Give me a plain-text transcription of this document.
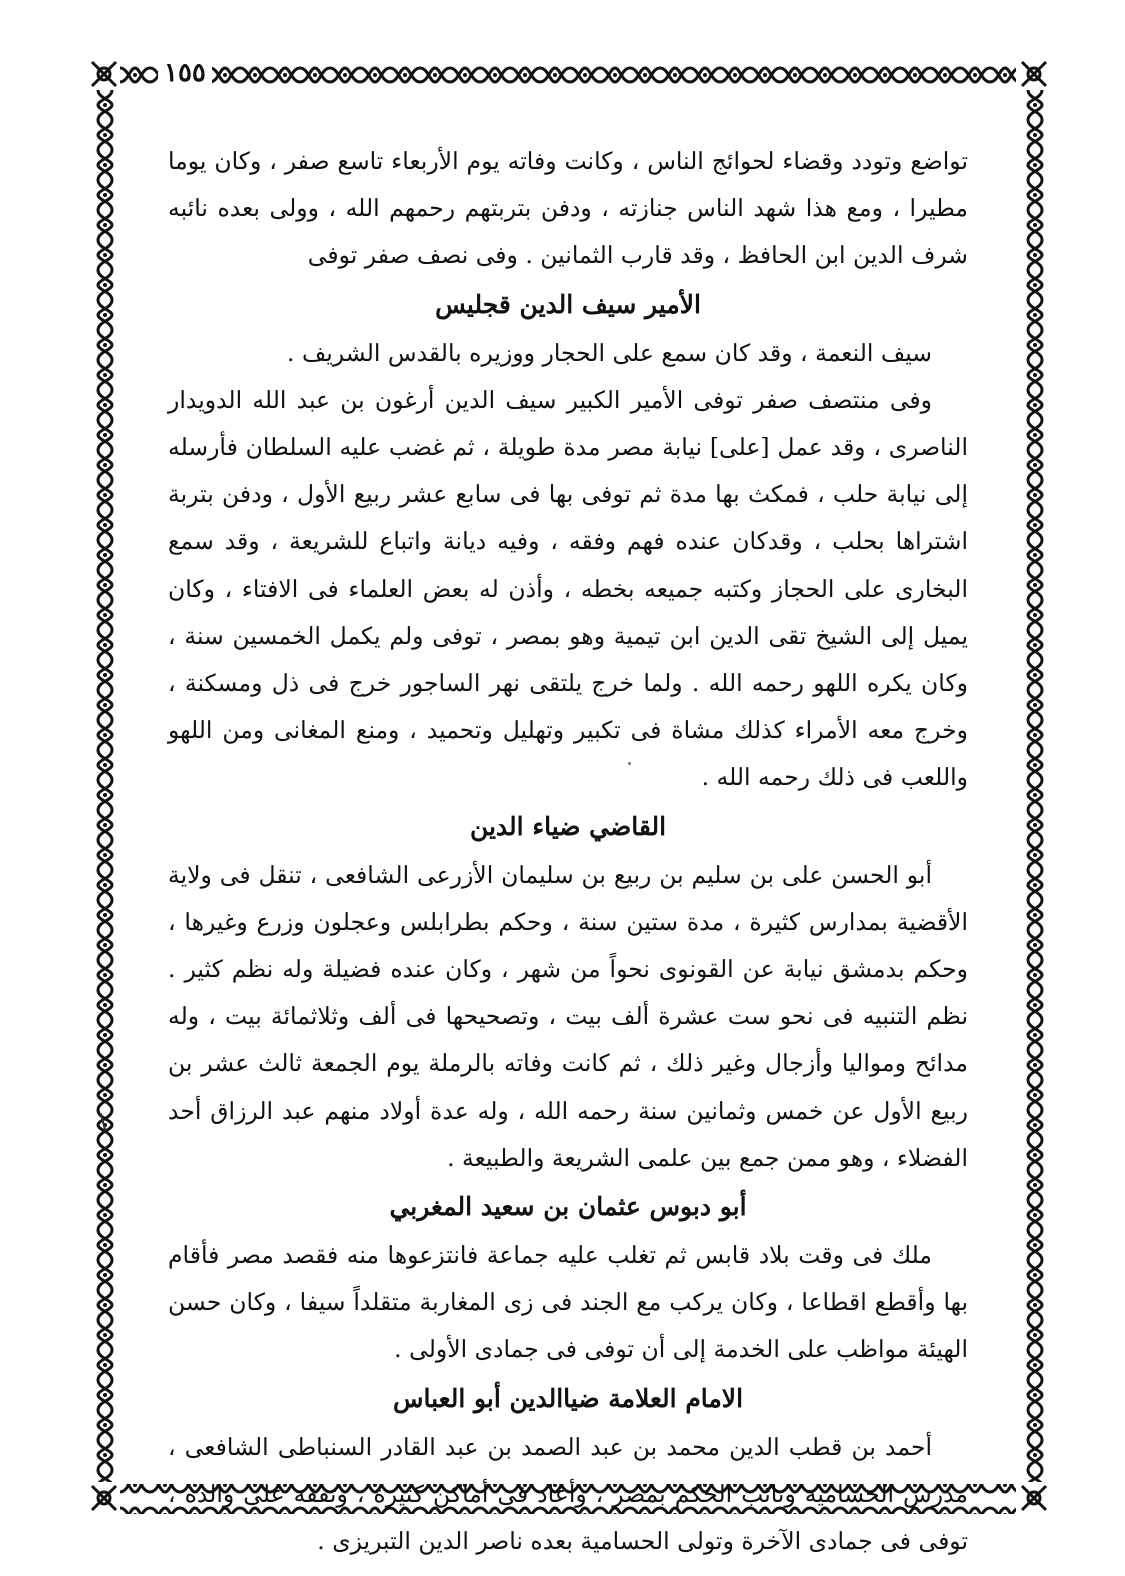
١٥٥

تواضع وتودد وقضاء لحوائج الناس ، وكانت وفاته يوم الأربعاء تاسع صفر ، وكان يوما مطيرا ، ومع هذا شهد الناس جنازته ، ودفن بتربتهم رحمهم الله ، وولى بعده نائبه شرف الدين ابن الحافظ ، وقد قارب الثمانين . وفى نصف صفر توفى

الأمير سيف الدين قجليس

سيف النعمة ، وقد كان سمع على الحجار ووزيره بالقدس الشريف .

وفى منتصف صفر توفى الأمير الكبير سيف الدين أرغون بن عبد الله الدويدار الناصرى ، وقد عمل [على] نيابة مصر مدة طويلة ، ثم غضب عليه السلطان فأرسله إلى نيابة حلب ، فمكث بها مدة ثم توفى بها فى سابع عشر ربيع الأول ، ودفن بتربة اشتراها بحلب ، وقدكان عنده فهم وفقه ، وفيه ديانة واتباع للشريعة ، وقد سمع البخارى على الحجاز وكتبه جميعه بخطه ، وأذن له بعض العلماء فى الافتاء ، وكان يميل إلى الشيخ تقى الدين ابن تيمية وهو بمصر ، توفى ولم يكمل الخمسين سنة ، وكان يكره اللهو رحمه الله . ولما خرج يلتقى نهر الساجور خرج فى ذل ومسكنة ، وخرج معه الأمراء كذلك مشاة فى تكبير وتهليل وتحميد ، ومنع المغانى ومن اللهو واللعب فى ذلك رحمه الله .

القاضي ضياء الدين

أبو الحسن على بن سليم بن ربيع بن سليمان الأزرعى الشافعى ، تنقل فى ولاية الأقضية بمدارس كثيرة ، مدة ستين سنة ، وحكم بطرابلس وعجلون وزرع وغيرها ، وحكم بدمشق نيابة عن القونوى نحواً من شهر ، وكان عنده فضيلة وله نظم كثير . نظم التنبيه فى نحو ست عشرة ألف بيت ، وتصحيحها فى ألف وثلاثمائة بيت ، وله مدائح ومواليا وأزجال وغير ذلك ، ثم كانت وفاته بالرملة يوم الجمعة ثالث عشر بن ربيع الأول عن خمس وثمانين سنة رحمه الله ، وله عدة أولاد منهم عبد الرزاق أحد الفضلاء ، وهو ممن جمع بين علمى الشريعة والطبيعة .

أبو دبوس عثمان بن سعيد المغربي

ملك فى وقت بلاد قابس ثم تغلب عليه جماعة فانتزعوها منه فقصد مصر فأقام بها وأقطع اقطاعا ، وكان يركب مع الجند فى زى المغاربة متقلداً سيفا ، وكان حسن الهيئة مواظب على الخدمة إلى أن توفى فى جمادى الأولى .

الامام العلامة ضياالدين أبو العباس

أحمد بن قطب الدين محمد بن عبد الصمد بن عبد القادر السنباطى الشافعى ، مدرس الحسامية ونائب الحكم بمصر ، وأعاد فى أماكن كثيرة ، وتفقه على والده ، توفى فى جمادى الآخرة وتولى الحسامية بعده ناصر الدين التبريزى .
